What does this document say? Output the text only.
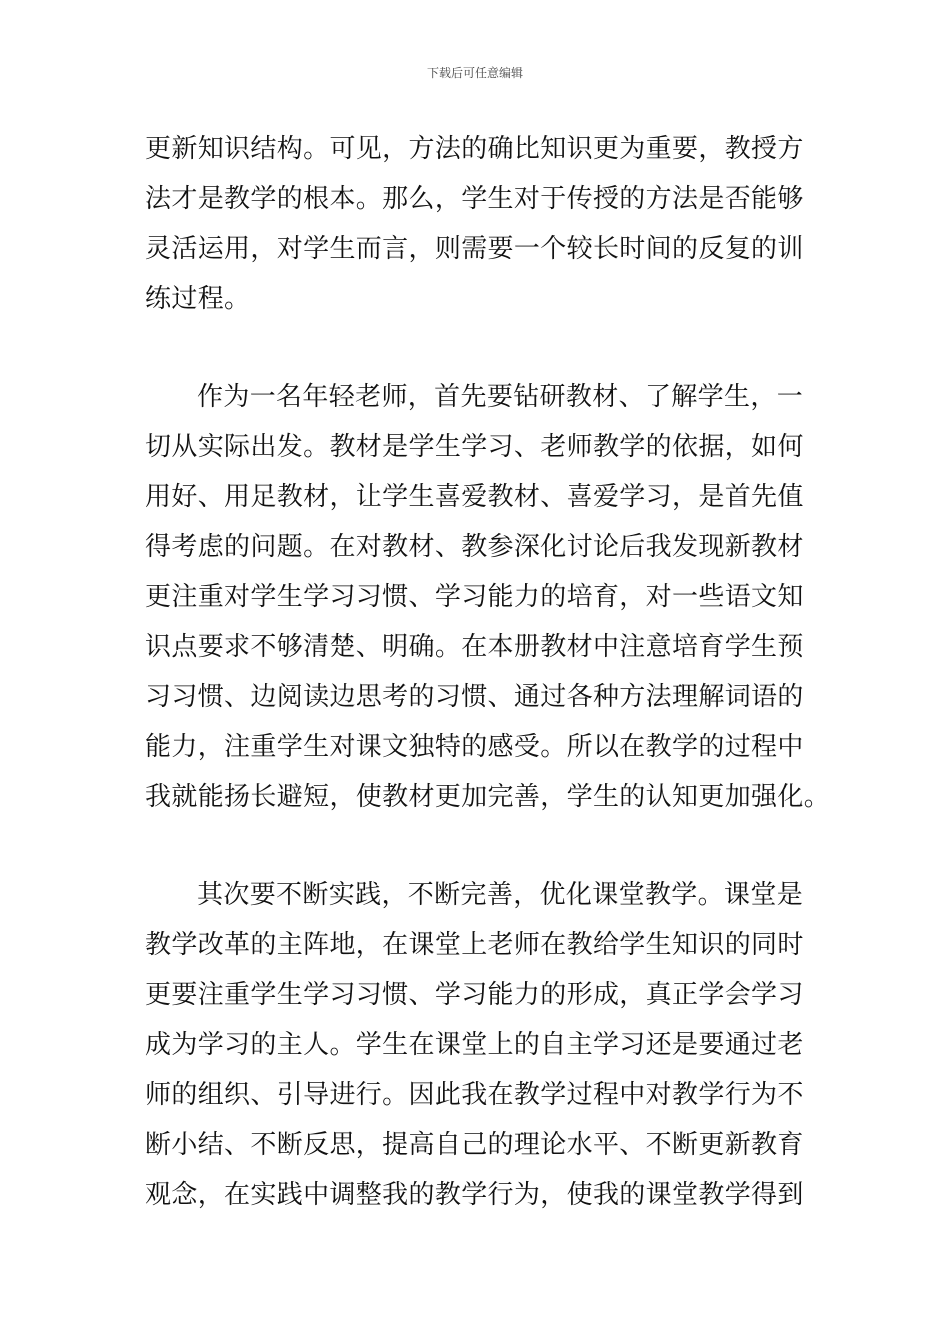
下载后可任意编辑
更新知识结构。可见，方法的确比知识更为重要，教授方
法才是教学的根本。那么，学生对于传授的方法是否能够
灵活运用，对学生而言，则需要一个较长时间的反复的训
练过程。
作为一名年轻老师，首先要钻研教材、了解学生，一
切从实际出发。教材是学生学习、老师教学的依据，如何
用好、用足教材，让学生喜爱教材、喜爱学习，是首先值
得考虑的问题。在对教材、教参深化讨论后我发现新教材
更注重对学生学习习惯、学习能力的培育，对一些语文知
识点要求不够清楚、明确。在本册教材中注意培育学生预
习习惯、边阅读边思考的习惯、通过各种方法理解词语的
能力，注重学生对课文独特的感受。所以在教学的过程中
我就能扬长避短，使教材更加完善，学生的认知更加强化。
其次要不断实践，不断完善，优化课堂教学。课堂是
教学改革的主阵地，在课堂上老师在教给学生知识的同时
更要注重学生学习习惯、学习能力的形成，真正学会学习
成为学习的主人。学生在课堂上的自主学习还是要通过老
师的组织、引导进行。因此我在教学过程中对教学行为不
断小结、不断反思，提高自己的理论水平、不断更新教育
观念，在实践中调整我的教学行为，使我的课堂教学得到
